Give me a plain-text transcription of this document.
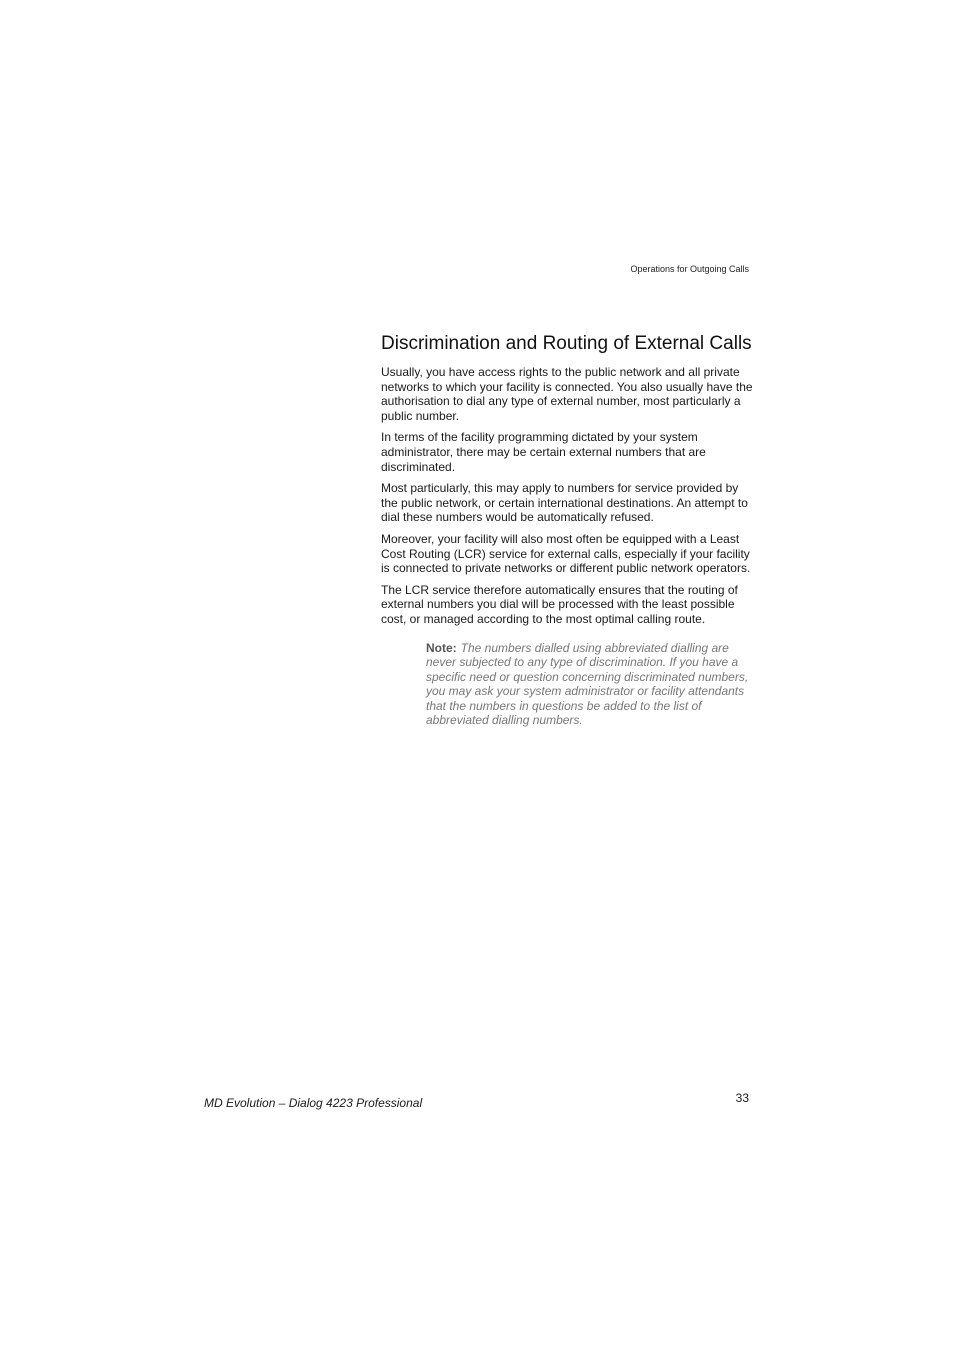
Operations for Outgoing Calls
Discrimination and Routing of External Calls

Usually, you have access rights to the public network and all private networks to which your facility is connected. You also usually have the authorisation to dial any type of external number, most particularly a public number.

In terms of the facility programming dictated by your system administrator, there may be certain external numbers that are discriminated.

Most particularly, this may apply to numbers for service provided by the public network, or certain international destinations. An attempt to dial these numbers would be automatically refused.

Moreover, your facility will also most often be equipped with a Least Cost Routing (LCR) service for external calls, especially if your facility is connected to private networks or different public network operators.

The LCR service therefore automatically ensures that the routing of external numbers you dial will be processed with the least possible cost, or managed according to the most optimal calling route.

Note: The numbers dialled using abbreviated dialling are never subjected to any type of discrimination. If you have a specific need or question concerning discriminated numbers, you may ask your system administrator or facility attendants that the numbers in questions be added to the list of abbreviated dialling numbers.
MD Evolution – Dialog 4223 Professional	33
